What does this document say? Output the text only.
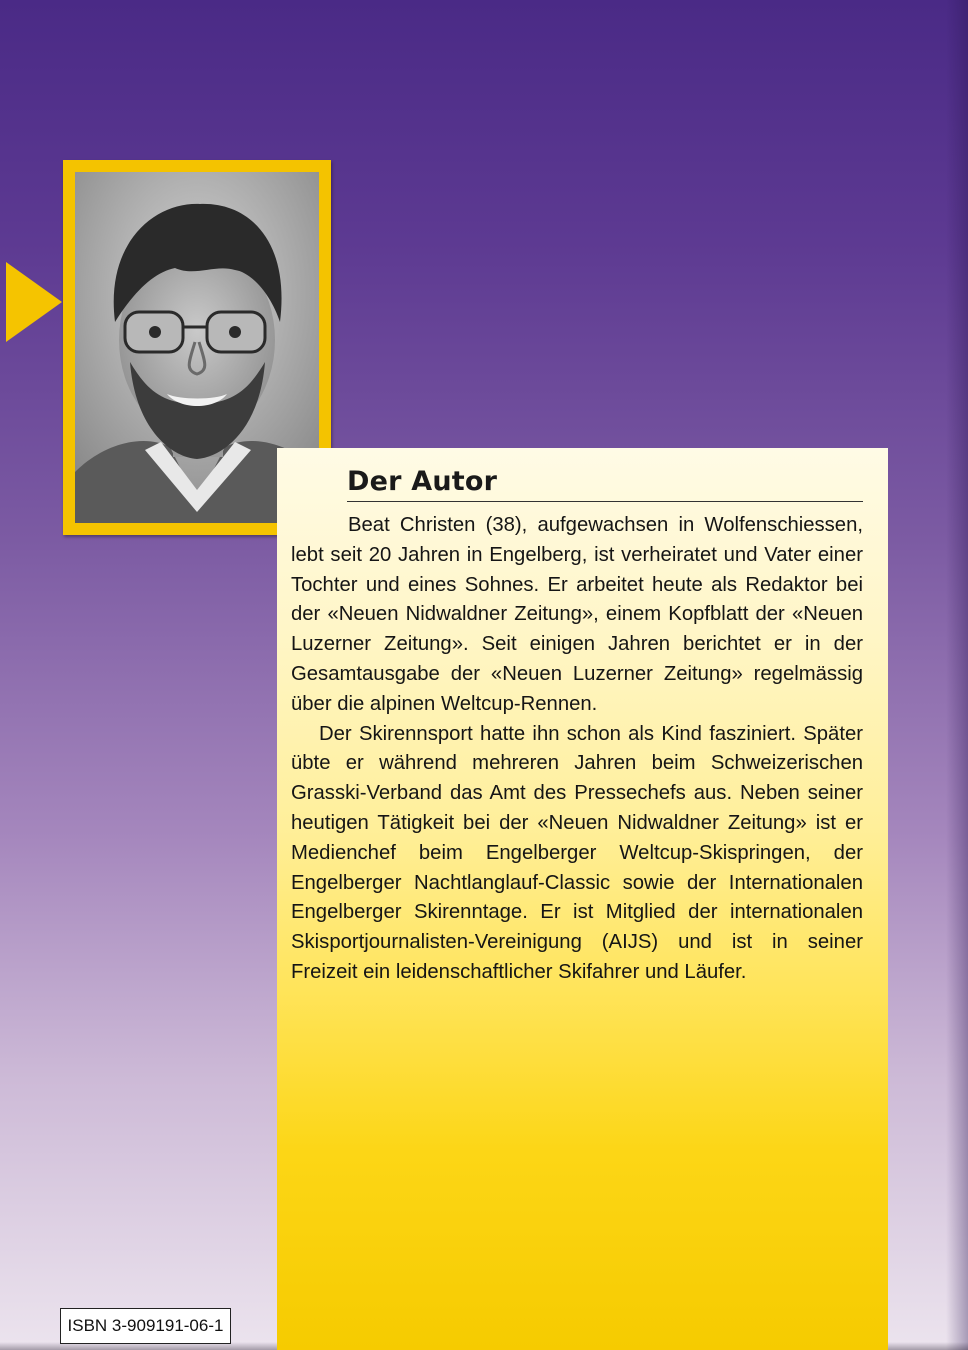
Der Autor

Beat Christen (38), aufgewachsen in Wolfenschiessen, lebt seit 20 Jahren in Engelberg, ist verheiratet und Vater einer Tochter und eines Sohnes. Er arbeitet heute als Redaktor bei der «Neuen Nidwaldner Zeitung», einem Kopfblatt der «Neuen Luzerner Zeitung». Seit einigen Jahren berichtet er in der Gesamtausgabe der «Neuen Luzerner Zeitung» regelmässig über die alpinen Weltcup-Rennen.

Der Skirennsport hatte ihn schon als Kind fasziniert. Später übte er während mehreren Jahren beim Schweizerischen Grasski-Verband das Amt des Pressechefs aus. Neben seiner heutigen Tätigkeit bei der «Neuen Nidwaldner Zeitung» ist er Medienchef beim Engelberger Weltcup-Skispringen, der Engelberger Nachtlanglauf-Classic sowie der Internationalen Engelberger Skirenntage. Er ist Mitglied der internationalen Skisportjournalisten-Vereinigung (AIJS) und ist in seiner Freizeit ein leidenschaftlicher Skifahrer und Läufer.

ISBN 3-909191-06-1
